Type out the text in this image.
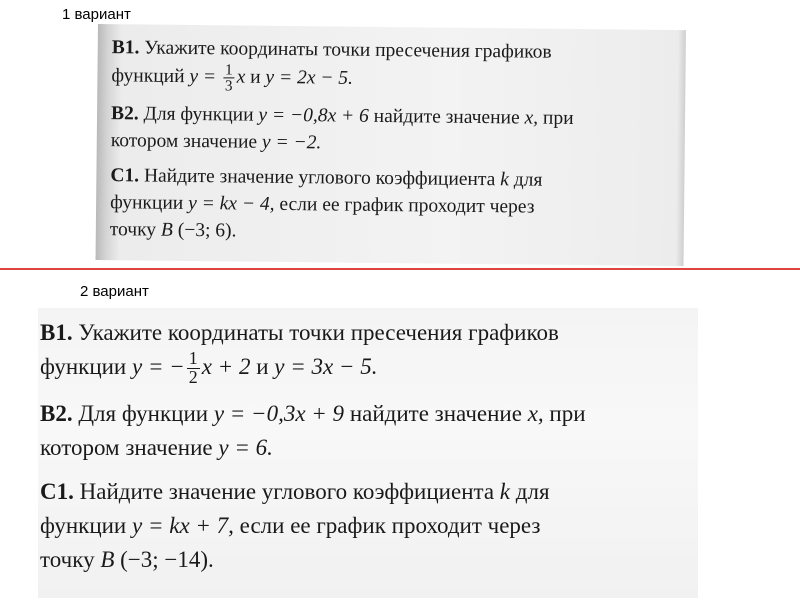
1 вариант

В1. Укажите координаты точки пресечения графиков
функций $y = \frac{1}{3}$ x и y = 2x − 5.

В2. Для функции y = −0,8x + 6 найдите значение x, при
котором значение y = −2.

С1. Найдите значение углового коэффициента k для
функции y = kx − 4, если ее график проходит через
точку B (−3; 6).

2 вариант

В1. Укажите координаты точки пресечения графиков
функции y = − $\frac{1}{2}$ x + 2 и y = 3x − 5.

В2. Для функции y = −0,3x + 9 найдите значение x, при
котором значение y = 6.

С1. Найдите значение углового коэффициента k для
функции y = kx + 7, если ее график проходит через
точку B (−3; −14).
